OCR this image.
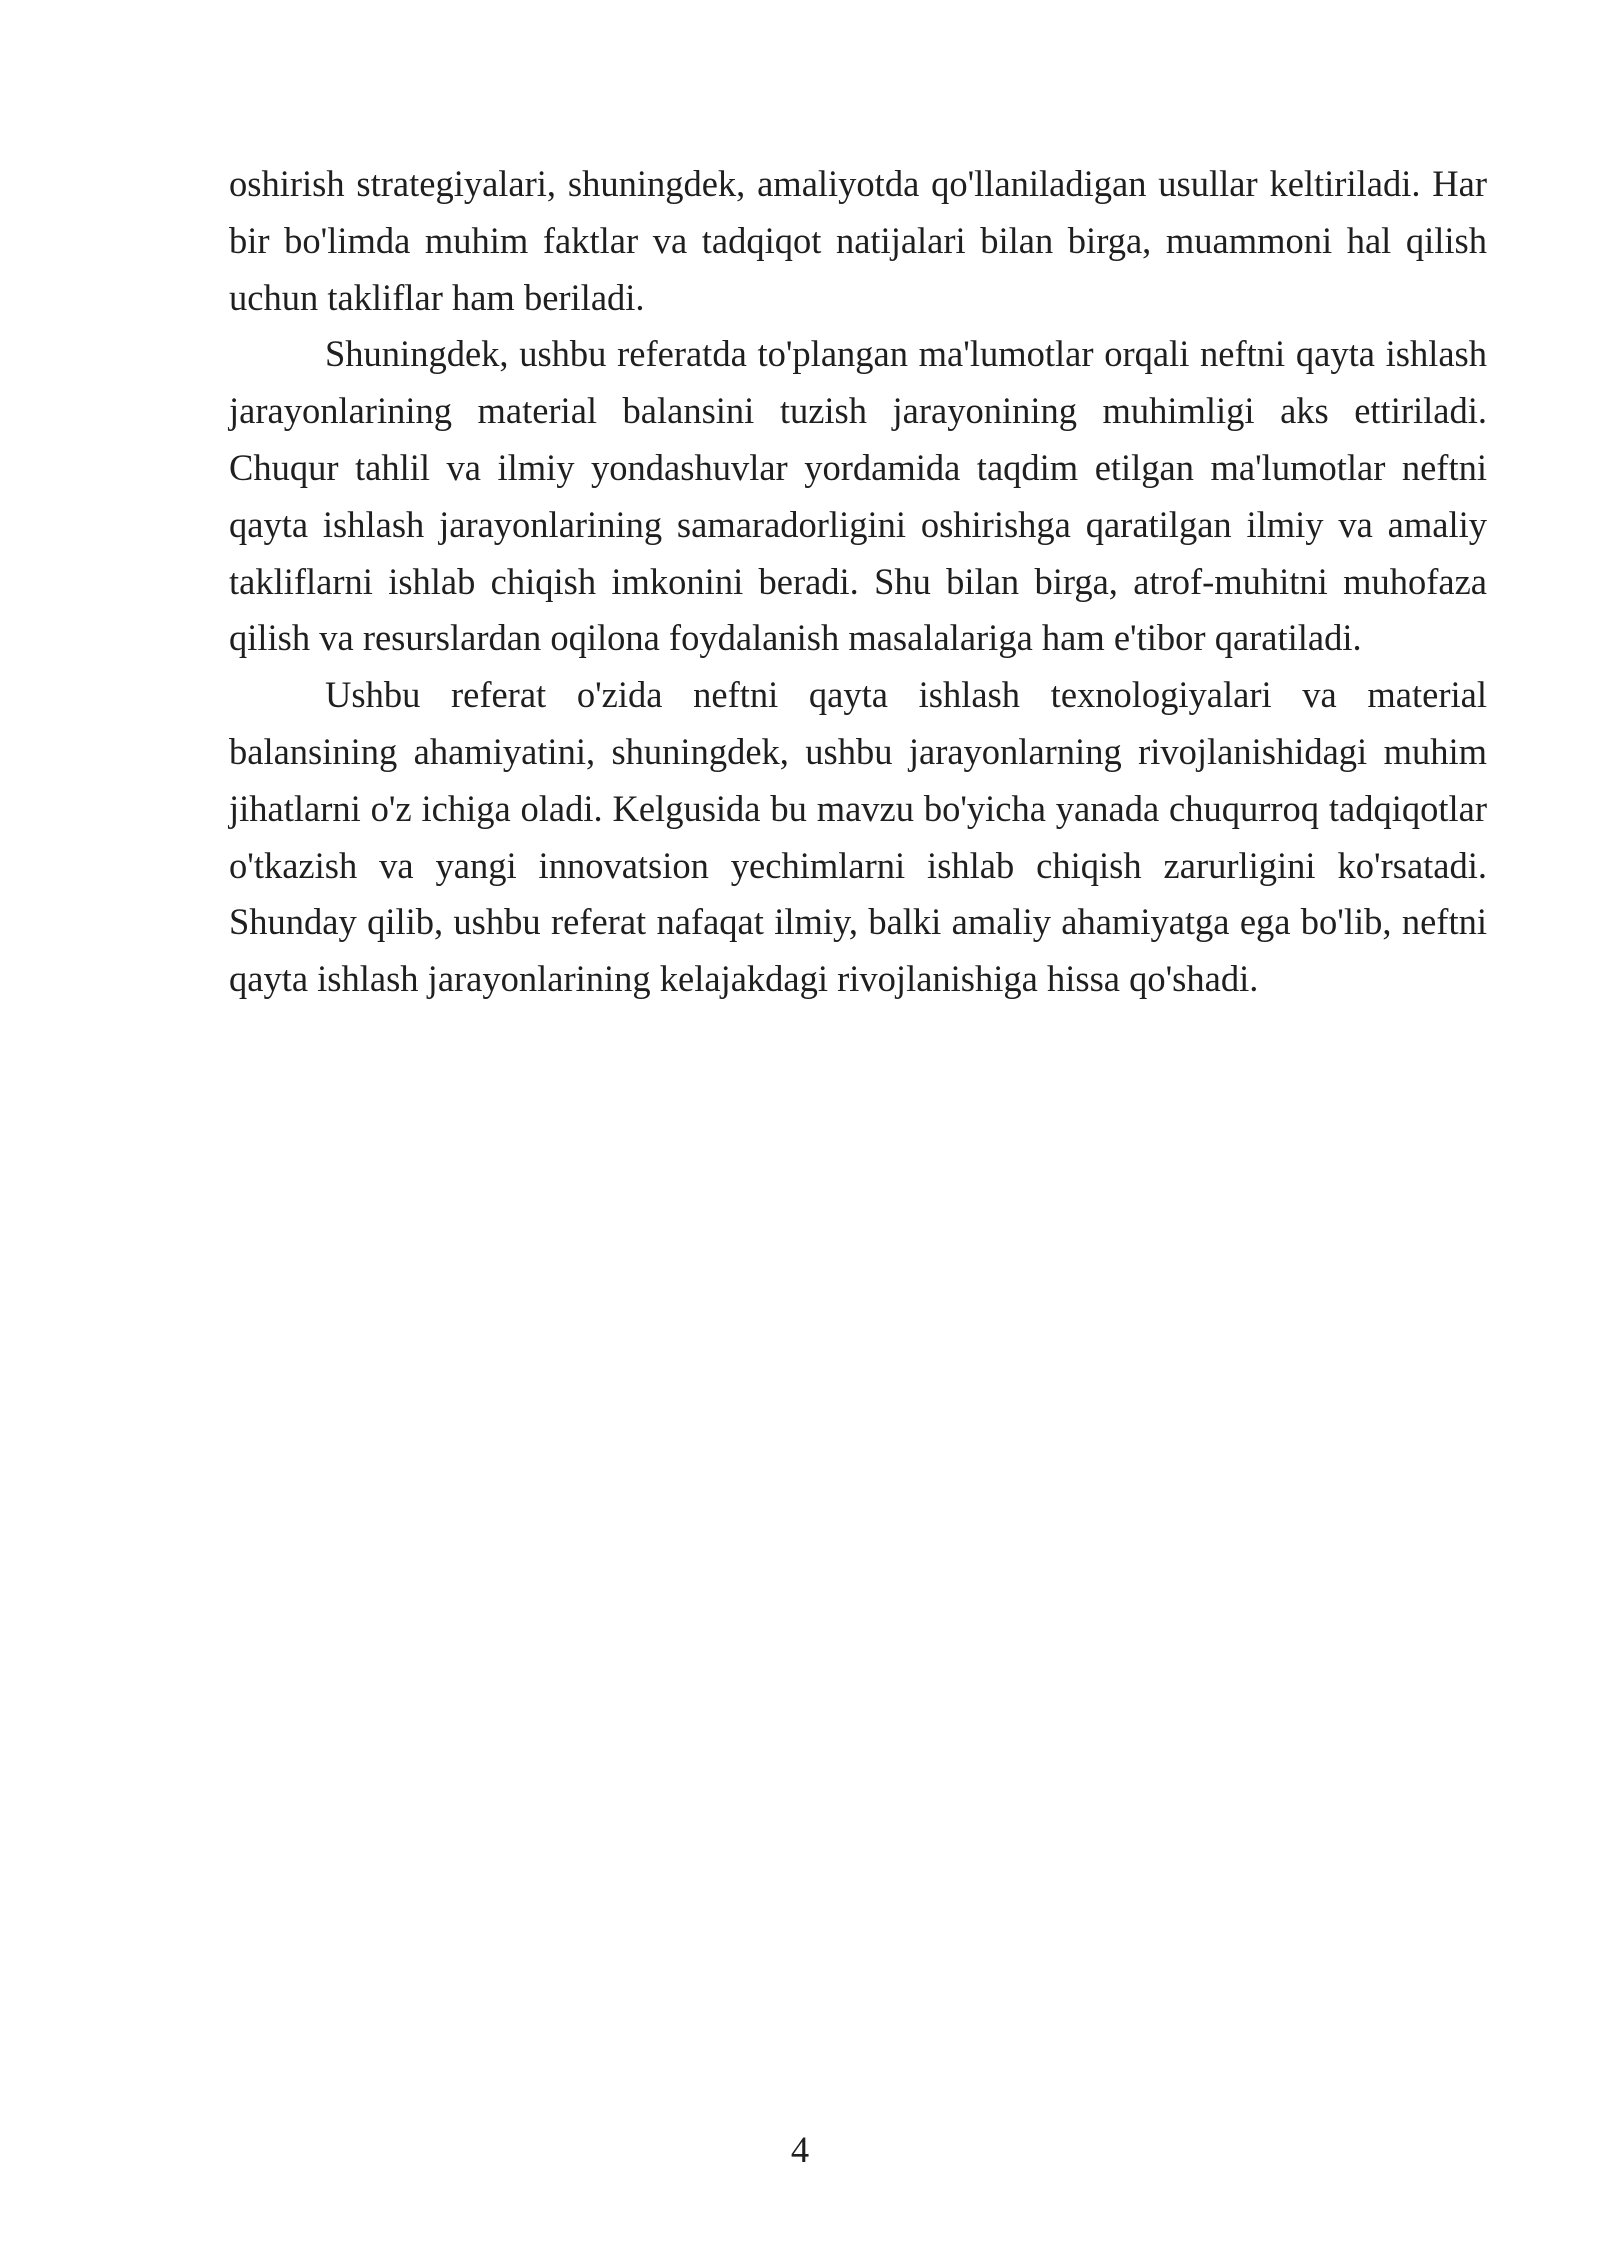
oshirish strategiyalari, shuningdek, amaliyotda qo'llaniladigan usullar keltiriladi. Har bir bo'limda muhim faktlar va tadqiqot natijalari bilan birga, muammoni hal qilish uchun takliflar ham beriladi.

Shuningdek, ushbu referatda to'plangan ma'lumotlar orqali neftni qayta ishlash jarayonlarining material balansini tuzish jarayonining muhimligi aks ettiriladi. Chuqur tahlil va ilmiy yondashuvlar yordamida taqdim etilgan ma'lumotlar neftni qayta ishlash jarayonlarining samaradorligini oshirishga qaratilgan ilmiy va amaliy takliflarni ishlab chiqish imkonini beradi. Shu bilan birga, atrof-muhitni muhofaza qilish va resurslardan oqilona foydalanish masalalariga ham e'tibor qaratiladi.

Ushbu referat o'zida neftni qayta ishlash texnologiyalari va material balansining ahamiyatini, shuningdek, ushbu jarayonlarning rivojlanishidagi muhim jihatlarni o'z ichiga oladi. Kelgusida bu mavzu bo'yicha yanada chuqurroq tadqiqotlar o'tkazish va yangi innovatsion yechimlarni ishlab chiqish zarurligini ko'rsatadi. Shunday qilib, ushbu referat nafaqat ilmiy, balki amaliy ahamiyatga ega bo'lib, neftni qayta ishlash jarayonlarining kelajakdagi rivojlanishiga hissa qo'shadi.

4
